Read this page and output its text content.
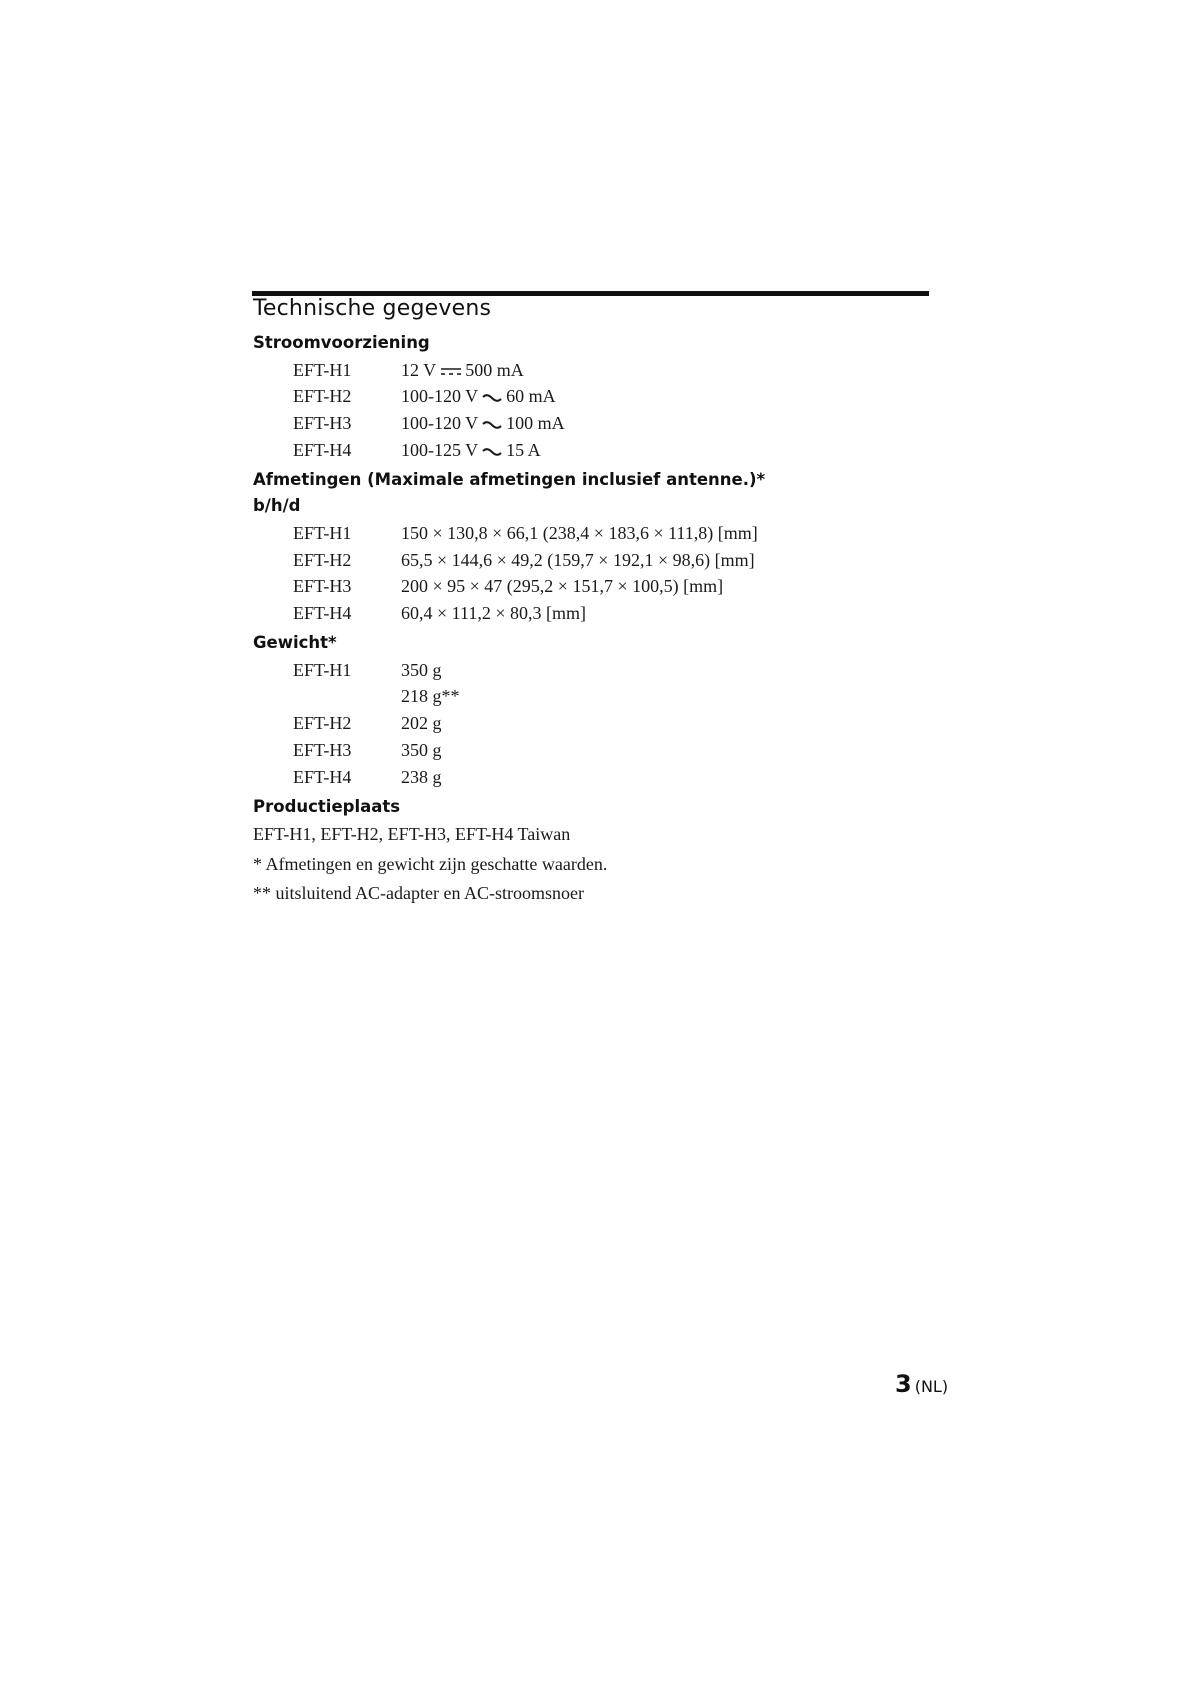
Technische gegevens
Stroomvoorziening
EFT-H1	12 V 500 mA
EFT-H2	100-120 V 60 mA
EFT-H3	100-120 V 100 mA
EFT-H4	100-125 V 15 A
Afmetingen (Maximale afmetingen inclusief antenne.)*
b/h/d
EFT-H1	150 × 130,8 × 66,1 (238,4 × 183,6 × 111,8) [mm]
EFT-H2	65,5 × 144,6 × 49,2 (159,7 × 192,1 × 98,6) [mm]
EFT-H3	200 × 95 × 47 (295,2 × 151,7 × 100,5) [mm]
EFT-H4	60,4 × 111,2 × 80,3 [mm]
Gewicht*
EFT-H1	350 g
218 g**
EFT-H2	202 g
EFT-H3	350 g
EFT-H4	238 g
Productieplaats
EFT-H1, EFT-H2, EFT-H3, EFT-H4 Taiwan
* Afmetingen en gewicht zijn geschatte waarden.
** uitsluitend AC-adapter en AC-stroomsnoer
3 (NL)
